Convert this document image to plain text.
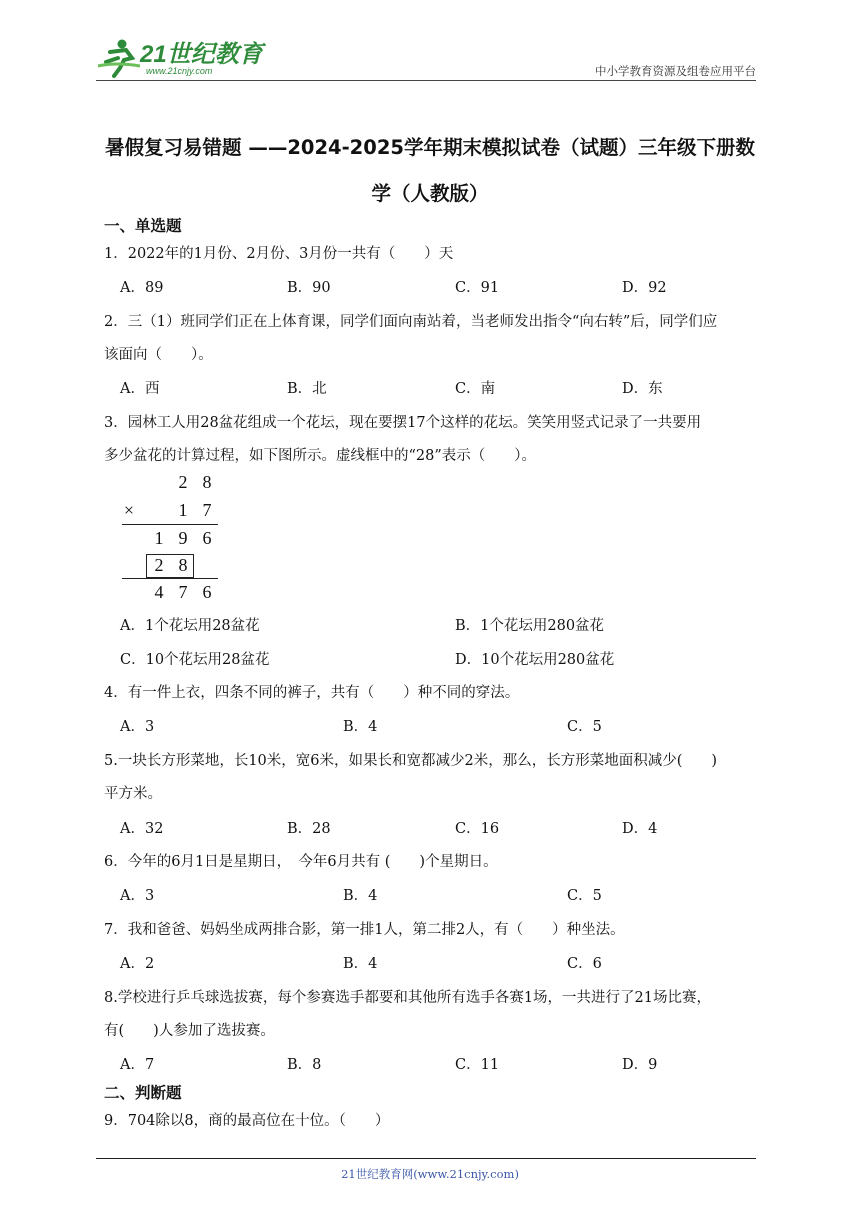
21世纪教育
www.21cnjy.com	中小学教育资源及组卷应用平台
暑假复习易错题 ——2024-2025学年期末模拟试卷（试题）三年级下册数
学（人教版）
一、单选题
1．2022年的1月份、2月份、3月份一共有（　　）天
A．89	B．90	C．91	D．92
2．三（1）班同学们正在上体育课，同学们面向南站着，当老师发出指令“向右转”后，同学们应
该面向（　　）。
A．西	B．北	C．南	D．东
3．园林工人用28盆花组成一个花坛，现在要摆17个这样的花坛。笑笑用竖式记录了一共要用
多少盆花的计算过程，如下图所示。虚线框中的“28”表示（　　）。
2 8
× 1 7
1 9 6
2 8
4 7 6
A．1个花坛用28盆花	B．1个花坛用280盆花
C．10个花坛用28盆花	D．10个花坛用280盆花
4．有一件上衣，四条不同的裤子，共有（　　）种不同的穿法。
A．3	B．4	C．5
5.一块长方形菜地，长10米，宽6米，如果长和宽都减少2米，那么，长方形菜地面积减少(　　)
平方米。
A．32	B．28	C．16	D．4
6．今年的6月1日是星期日，　今年6月共有 (　　)个星期日。
A．3	B．4	C．5
7．我和爸爸、妈妈坐成两排合影，第一排1人，第二排2人，有（　　）种坐法。
A．2	B．4	C．6
8.学校进行乒乓球选拔赛，每个参赛选手都要和其他所有选手各赛1场，一共进行了21场比赛，
有(　　)人参加了选拔赛。
A．7	B．8	C．11	D．9
二、判断题
9．704除以8，商的最高位在十位。（　　）
21世纪教育网(www.21cnjy.com)
